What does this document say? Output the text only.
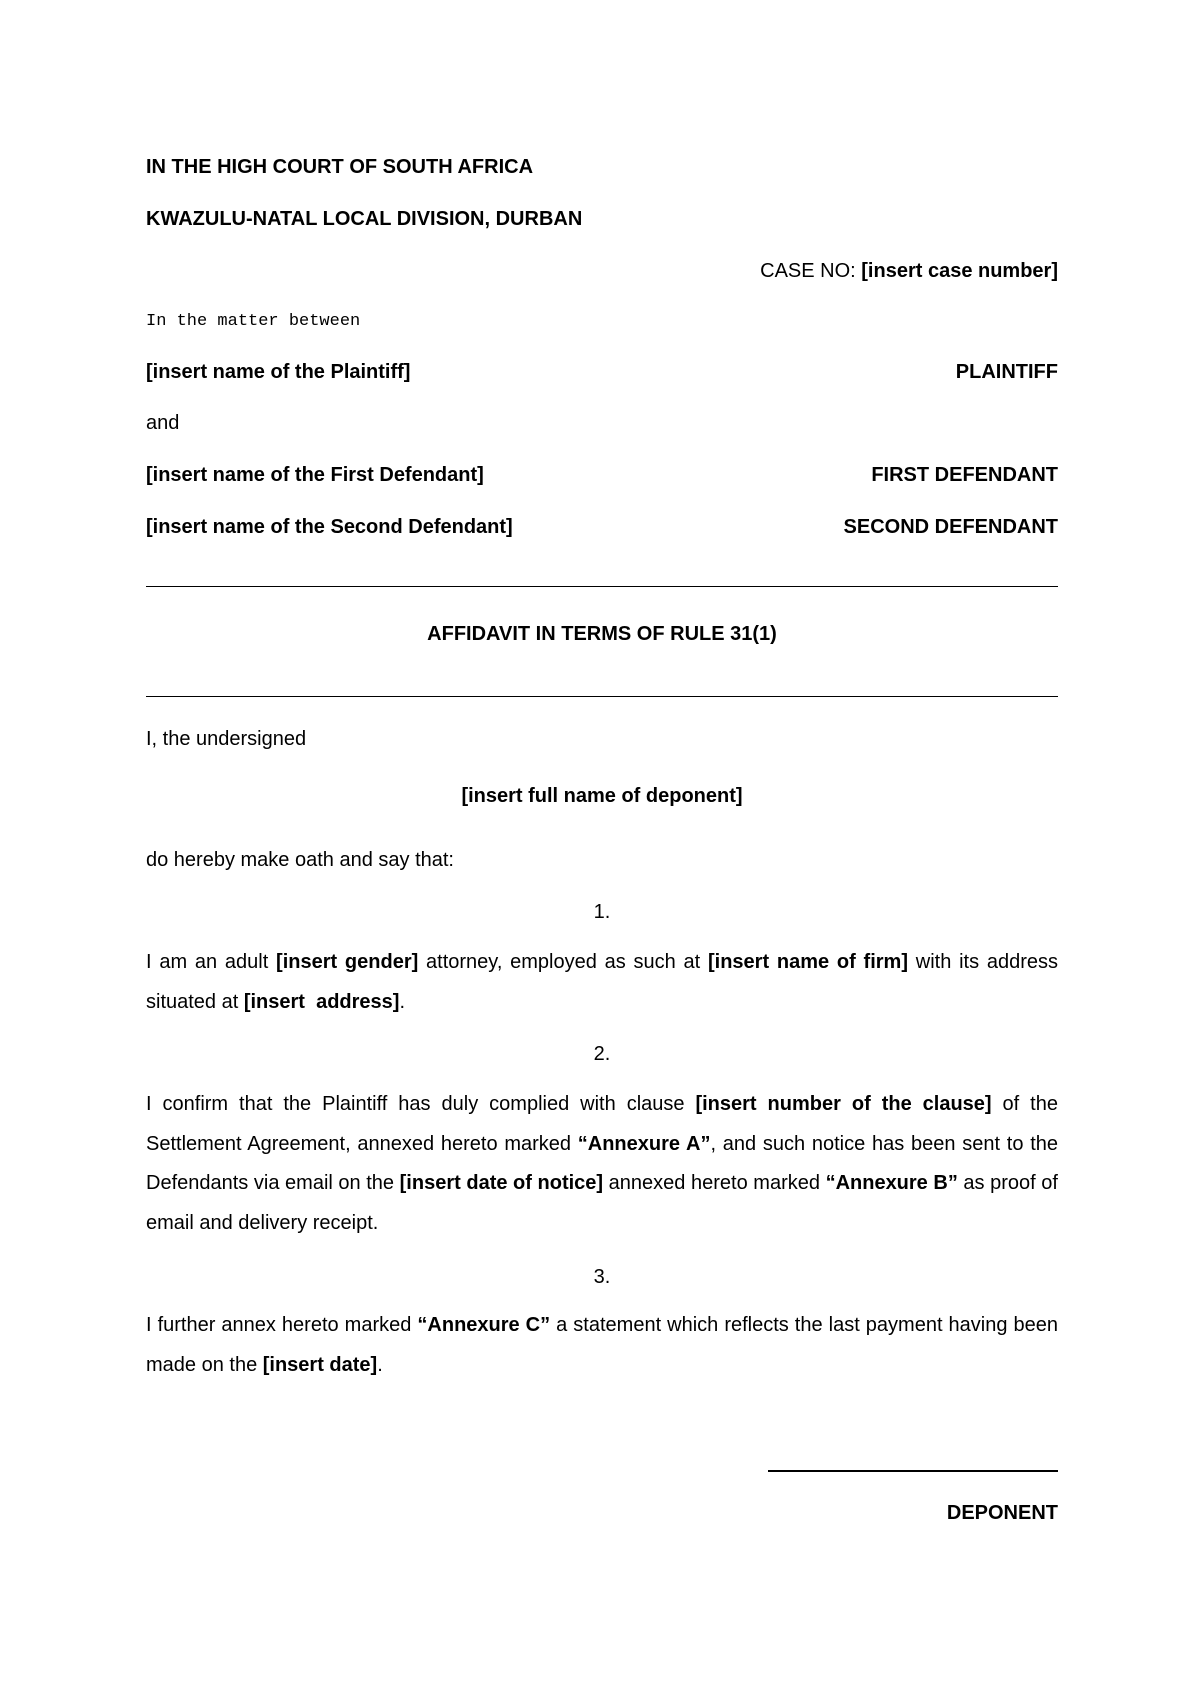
IN THE HIGH COURT OF SOUTH AFRICA
KWAZULU-NATAL LOCAL DIVISION, DURBAN
CASE NO: [insert case number]
In the matter between
[insert name of the Plaintiff]	PLAINTIFF
and
[insert name of the First Defendant]	FIRST DEFENDANT
[insert name of the Second Defendant]	SECOND DEFENDANT
AFFIDAVIT IN TERMS OF RULE 31(1)
I, the undersigned
[insert full name of deponent]
do hereby make oath and say that:
1.
I am an adult [insert gender] attorney, employed as such at [insert name of firm] with its address situated at [insert  address].
2.
I confirm that the Plaintiff has duly complied with clause [insert number of the clause] of the Settlement Agreement, annexed hereto marked “Annexure A”, and such notice has been sent to the Defendants via email on the [insert date of notice] annexed hereto marked “Annexure B” as proof of email and delivery receipt.
3.
I further annex hereto marked “Annexure C” a statement which reflects the last payment having been made on the [insert date].
DEPONENT
